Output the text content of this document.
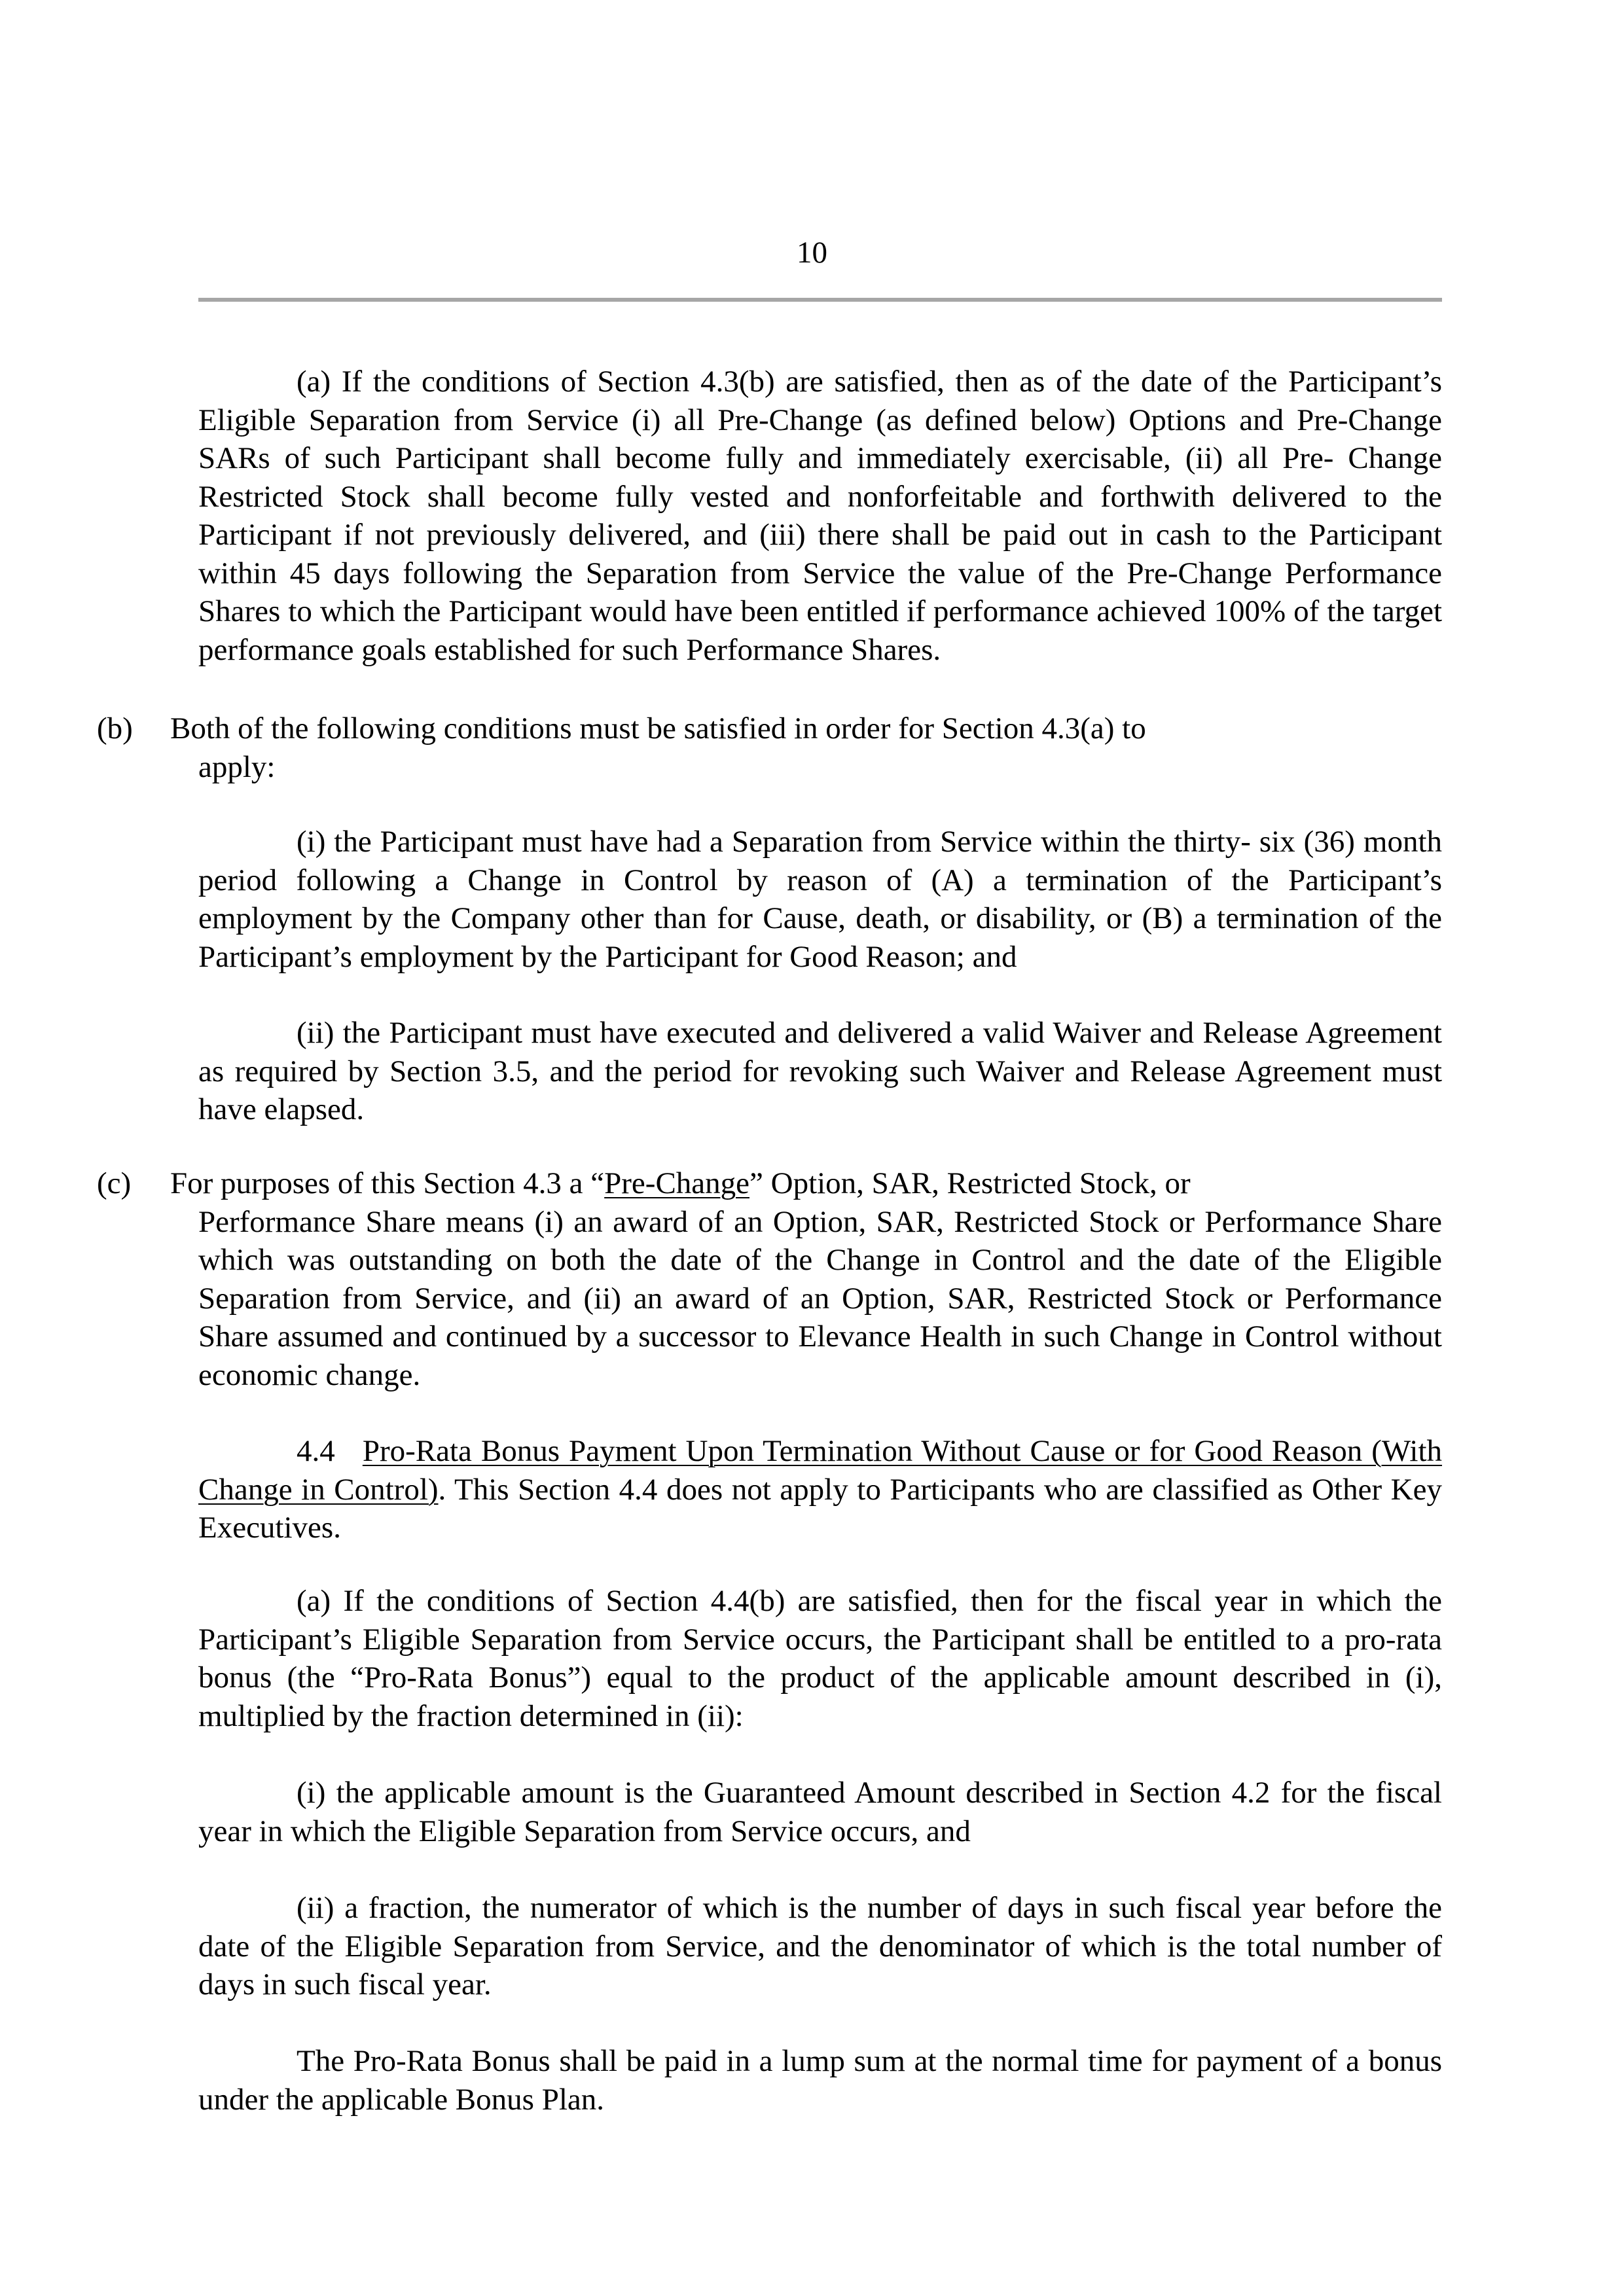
10

(a) If the conditions of Section 4.3(b) are satisfied, then as of the date of the Participant’s Eligible Separation from Service (i) all Pre-Change (as defined below) Options and Pre-Change SARs of such Participant shall become fully and immediately exercisable, (ii) all Pre- Change Restricted Stock shall become fully vested and nonforfeitable and forthwith delivered to the Participant if not previously delivered, and (iii) there shall be paid out in cash to the Participant within 45 days following the Separation from Service the value of the Pre-Change Performance Shares to which the Participant would have been entitled if performance achieved 100% of the target performance goals established for such Performance Shares.

(b) Both of the following conditions must be satisfied in order for Section 4.3(a) to
apply:

(i) the Participant must have had a Separation from Service within the thirty- six (36) month period following a Change in Control by reason of (A) a termination of the Participant’s employment by the Company other than for Cause, death, or disability, or (B) a termination of the Participant’s employment by the Participant for Good Reason; and

(ii) the Participant must have executed and delivered a valid Waiver and Release Agreement as required by Section 3.5, and the period for revoking such Waiver and Release Agreement must have elapsed.

(c) For purposes of this Section 4.3 a “Pre-Change” Option, SAR, Restricted Stock, or
Performance Share means (i) an award of an Option, SAR, Restricted Stock or Performance Share which was outstanding on both the date of the Change in Control and the date of the Eligible Separation from Service, and (ii) an award of an Option, SAR, Restricted Stock or Performance Share assumed and continued by a successor to Elevance Health in such Change in Control without economic change.

4.4 Pro-Rata Bonus Payment Upon Termination Without Cause or for Good Reason (With Change in Control). This Section 4.4 does not apply to Participants who are classified as Other Key Executives.

(a) If the conditions of Section 4.4(b) are satisfied, then for the fiscal year in which the Participant’s Eligible Separation from Service occurs, the Participant shall be entitled to a pro-rata bonus (the “Pro-Rata Bonus”) equal to the product of the applicable amount described in (i), multiplied by the fraction determined in (ii):

(i) the applicable amount is the Guaranteed Amount described in Section 4.2 for the fiscal year in which the Eligible Separation from Service occurs, and

(ii) a fraction, the numerator of which is the number of days in such fiscal year before the date of the Eligible Separation from Service, and the denominator of which is the total number of days in such fiscal year.

The Pro-Rata Bonus shall be paid in a lump sum at the normal time for payment of a bonus under the applicable Bonus Plan.
